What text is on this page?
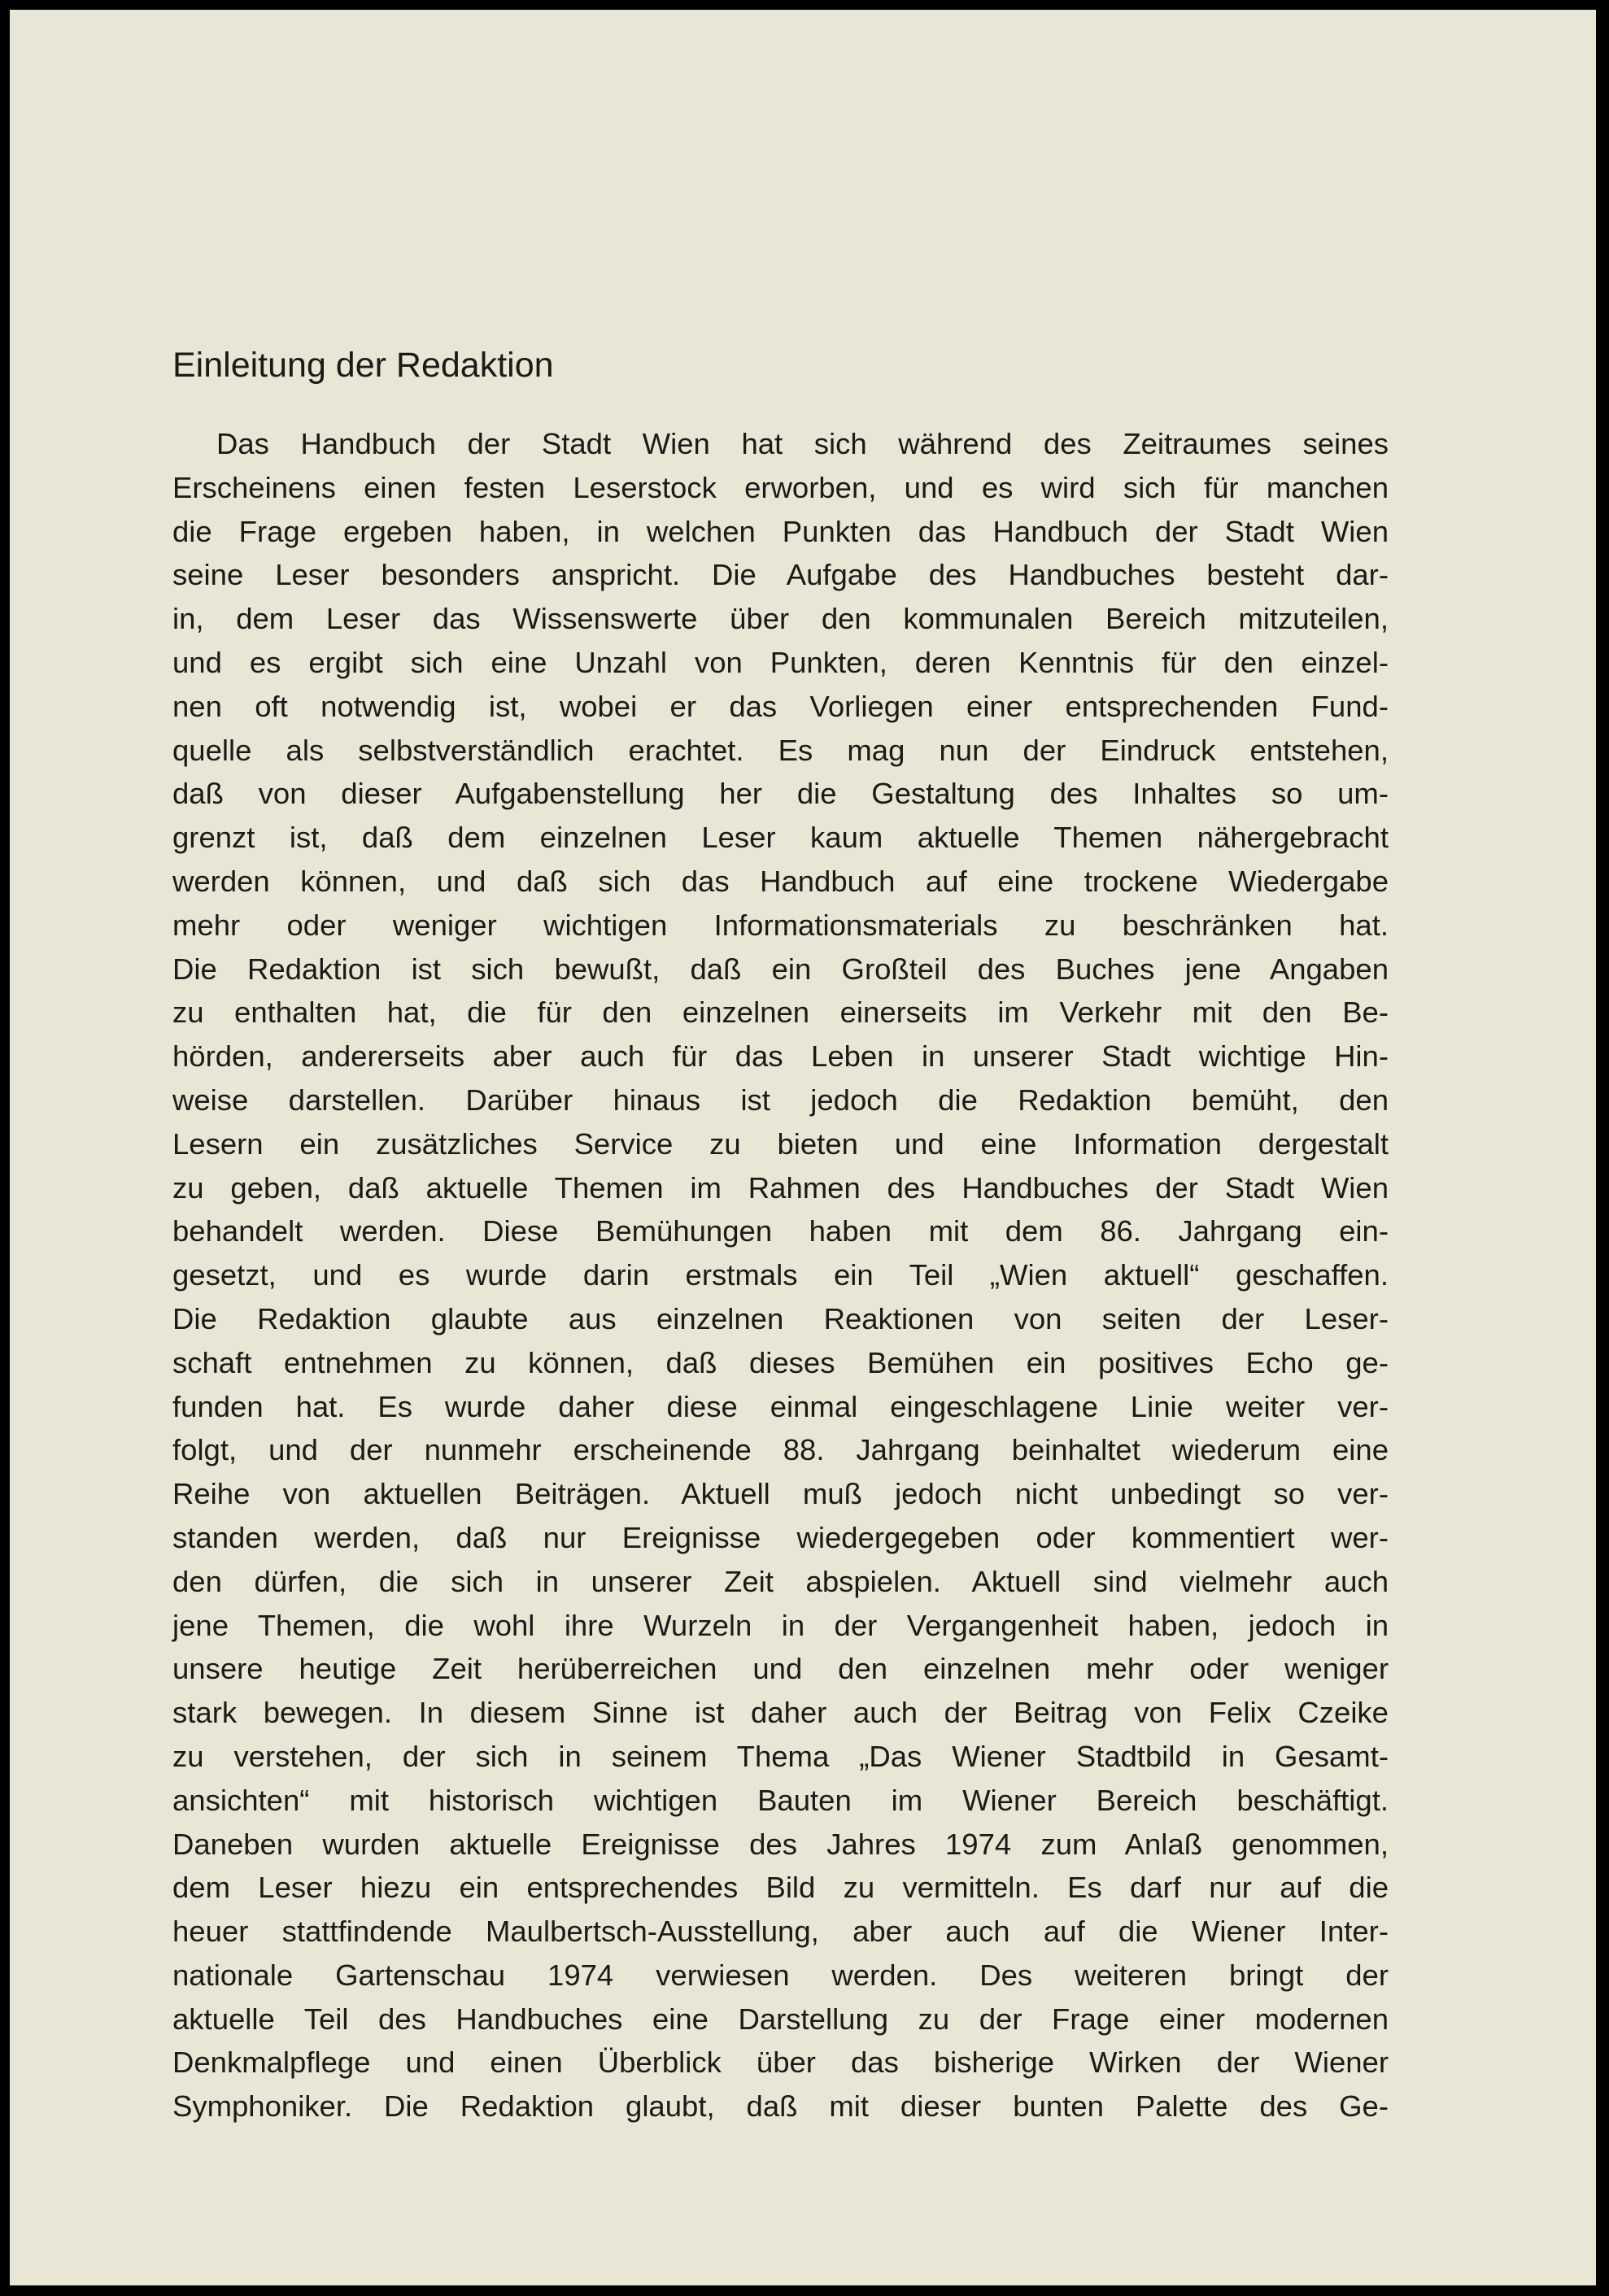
Einleitung der Redaktion
Das Handbuch der Stadt Wien hat sich während des Zeitraumes seines
Erscheinens einen festen Leserstock erworben, und es wird sich für manchen
die Frage ergeben haben, in welchen Punkten das Handbuch der Stadt Wien
seine Leser besonders anspricht. Die Aufgabe des Handbuches besteht dar-
in, dem Leser das Wissenswerte über den kommunalen Bereich mitzuteilen,
und es ergibt sich eine Unzahl von Punkten, deren Kenntnis für den einzel-
nen oft notwendig ist, wobei er das Vorliegen einer entsprechenden Fund-
quelle als selbstverständlich erachtet. Es mag nun der Eindruck entstehen,
daß von dieser Aufgabenstellung her die Gestaltung des Inhaltes so um-
grenzt ist, daß dem einzelnen Leser kaum aktuelle Themen nähergebracht
werden können, und daß sich das Handbuch auf eine trockene Wiedergabe
mehr oder weniger wichtigen Informationsmaterials zu beschränken hat.
Die Redaktion ist sich bewußt, daß ein Großteil des Buches jene Angaben
zu enthalten hat, die für den einzelnen einerseits im Verkehr mit den Be-
hörden, andererseits aber auch für das Leben in unserer Stadt wichtige Hin-
weise darstellen. Darüber hinaus ist jedoch die Redaktion bemüht, den
Lesern ein zusätzliches Service zu bieten und eine Information dergestalt
zu geben, daß aktuelle Themen im Rahmen des Handbuches der Stadt Wien
behandelt werden. Diese Bemühungen haben mit dem 86. Jahrgang ein-
gesetzt, und es wurde darin erstmals ein Teil „Wien aktuell“ geschaffen.
Die Redaktion glaubte aus einzelnen Reaktionen von seiten der Leser-
schaft entnehmen zu können, daß dieses Bemühen ein positives Echo ge-
funden hat. Es wurde daher diese einmal eingeschlagene Linie weiter ver-
folgt, und der nunmehr erscheinende 88. Jahrgang beinhaltet wiederum eine
Reihe von aktuellen Beiträgen. Aktuell muß jedoch nicht unbedingt so ver-
standen werden, daß nur Ereignisse wiedergegeben oder kommentiert wer-
den dürfen, die sich in unserer Zeit abspielen. Aktuell sind vielmehr auch
jene Themen, die wohl ihre Wurzeln in der Vergangenheit haben, jedoch in
unsere heutige Zeit herüberreichen und den einzelnen mehr oder weniger
stark bewegen. In diesem Sinne ist daher auch der Beitrag von Felix Czeike
zu verstehen, der sich in seinem Thema „Das Wiener Stadtbild in Gesamt-
ansichten“ mit historisch wichtigen Bauten im Wiener Bereich beschäftigt.
Daneben wurden aktuelle Ereignisse des Jahres 1974 zum Anlaß genommen,
dem Leser hiezu ein entsprechendes Bild zu vermitteln. Es darf nur auf die
heuer stattfindende Maulbertsch-Ausstellung, aber auch auf die Wiener Inter-
nationale Gartenschau 1974 verwiesen werden. Des weiteren bringt der
aktuelle Teil des Handbuches eine Darstellung zu der Frage einer modernen
Denkmalpflege und einen Überblick über das bisherige Wirken der Wiener
Symphoniker. Die Redaktion glaubt, daß mit dieser bunten Palette des Ge-
